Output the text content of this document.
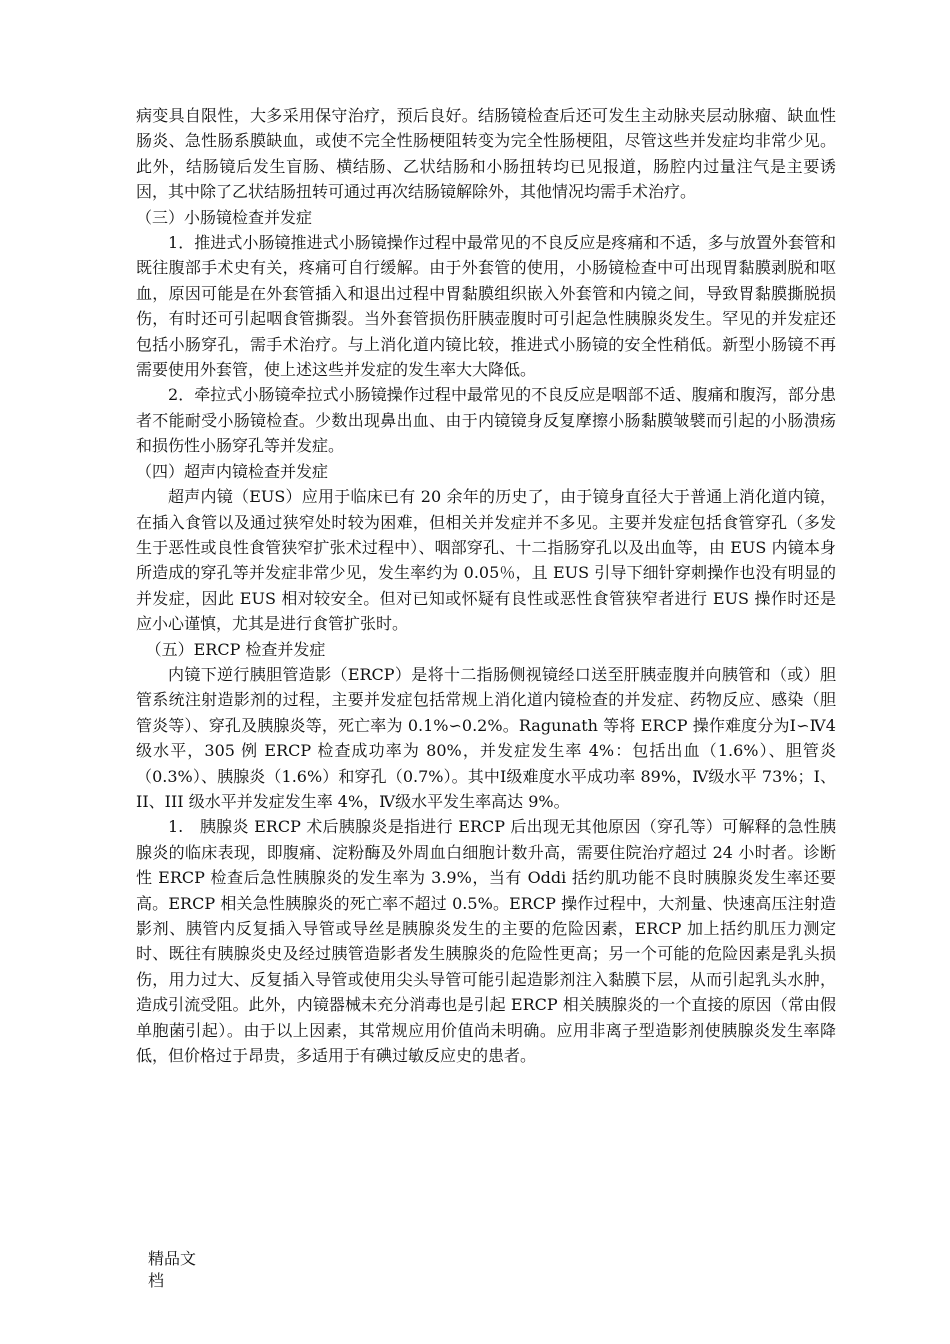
病变具自限性，大多采用保守治疗，预后良好。结肠镜检查后还可发生主动脉夹层动脉瘤、缺血性肠炎、急性肠系膜缺血，或使不完全性肠梗阻转变为完全性肠梗阻，尽管这些并发症均非常少见。此外，结肠镜后发生盲肠、横结肠、乙状结肠和小肠扭转均已见报道，肠腔内过量注气是主要诱因，其中除了乙状结肠扭转可通过再次结肠镜解除外，其他情况均需手术治疗。

（三）小肠镜检查并发症

1．推进式小肠镜推进式小肠镜操作过程中最常见的不良反应是疼痛和不适，多与放置外套管和既往腹部手术史有关，疼痛可自行缓解。由于外套管的使用，小肠镜检查中可出现胃黏膜剥脱和呕血，原因可能是在外套管插入和退出过程中胃黏膜组织嵌入外套管和内镜之间，导致胃黏膜撕脱损伤，有时还可引起咽食管撕裂。当外套管损伤肝胰壶腹时可引起急性胰腺炎发生。罕见的并发症还包括小肠穿孔，需手术治疗。与上消化道内镜比较，推进式小肠镜的安全性稍低。新型小肠镜不再需要使用外套管，使上述这些并发症的发生率大大降低。

2．牵拉式小肠镜牵拉式小肠镜操作过程中最常见的不良反应是咽部不适、腹痛和腹泻，部分患者不能耐受小肠镜检查。少数出现鼻出血、由于内镜镜身反复摩擦小肠黏膜皱襞而引起的小肠溃疡和损伤性小肠穿孔等并发症。

（四）超声内镜检查并发症

超声内镜（EUS）应用于临床已有 20 余年的历史了，由于镜身直径大于普通上消化道内镜，在插入食管以及通过狭窄处时较为困难，但相关并发症并不多见。主要并发症包括食管穿孔（多发生于恶性或良性食管狭窄扩张术过程中）、咽部穿孔、十二指肠穿孔以及出血等，由 EUS 内镜本身所造成的穿孔等并发症非常少见，发生率约为 0.05％，且 EUS 引导下细针穿刺操作也没有明显的并发症，因此 EUS 相对较安全。但对已知或怀疑有良性或恶性食管狭窄者进行 EUS 操作时还是应小心谨慎，尤其是进行食管扩张时。

（五）ERCP 检查并发症

内镜下逆行胰胆管造影（ERCP）是将十二指肠侧视镜经口送至肝胰壶腹并向胰管和（或）胆管系统注射造影剂的过程，主要并发症包括常规上消化道内镜检查的并发症、药物反应、感染（胆管炎等）、穿孔及胰腺炎等，死亡率为 0.1%∽0.2%。Ragunath 等将 ERCP 操作难度分为Ⅰ∽Ⅳ4 级水平，305 例 ERCP 检查成功率为 80%，并发症发生率 4%：包括出血（1.6%）、胆管炎（0.3%）、胰腺炎（1.6%）和穿孔（0.7%）。其中Ⅰ级难度水平成功率 89%，Ⅳ级水平 73%；Ⅰ、II、III 级水平并发症发生率 4%，Ⅳ级水平发生率高达 9%。

1.　胰腺炎 ERCP 术后胰腺炎是指进行 ERCP 后出现无其他原因（穿孔等）可解释的急性胰腺炎的临床表现，即腹痛、淀粉酶及外周血白细胞计数升高，需要住院治疗超过 24 小时者。诊断性 ERCP 检查后急性胰腺炎的发生率为 3.9%，当有 Oddi 括约肌功能不良时胰腺炎发生率还要高。ERCP 相关急性胰腺炎的死亡率不超过 0.5%。ERCP 操作过程中，大剂量、快速高压注射造影剂、胰管内反复插入导管或导丝是胰腺炎发生的主要的危险因素，ERCP 加上括约肌压力测定时、既往有胰腺炎史及经过胰管造影者发生胰腺炎的危险性更高；另一个可能的危险因素是乳头损伤，用力过大、反复插入导管或使用尖头导管可能引起造影剂注入黏膜下层，从而引起乳头水肿，造成引流受阻。此外，内镜器械未充分消毒也是引起 ERCP 相关胰腺炎的一个直接的原因（常由假单胞菌引起）。由于以上因素，其常规应用价值尚未明确。应用非离子型造影剂使胰腺炎发生率降低，但价格过于昂贵，多适用于有碘过敏反应史的患者。

精品文档
